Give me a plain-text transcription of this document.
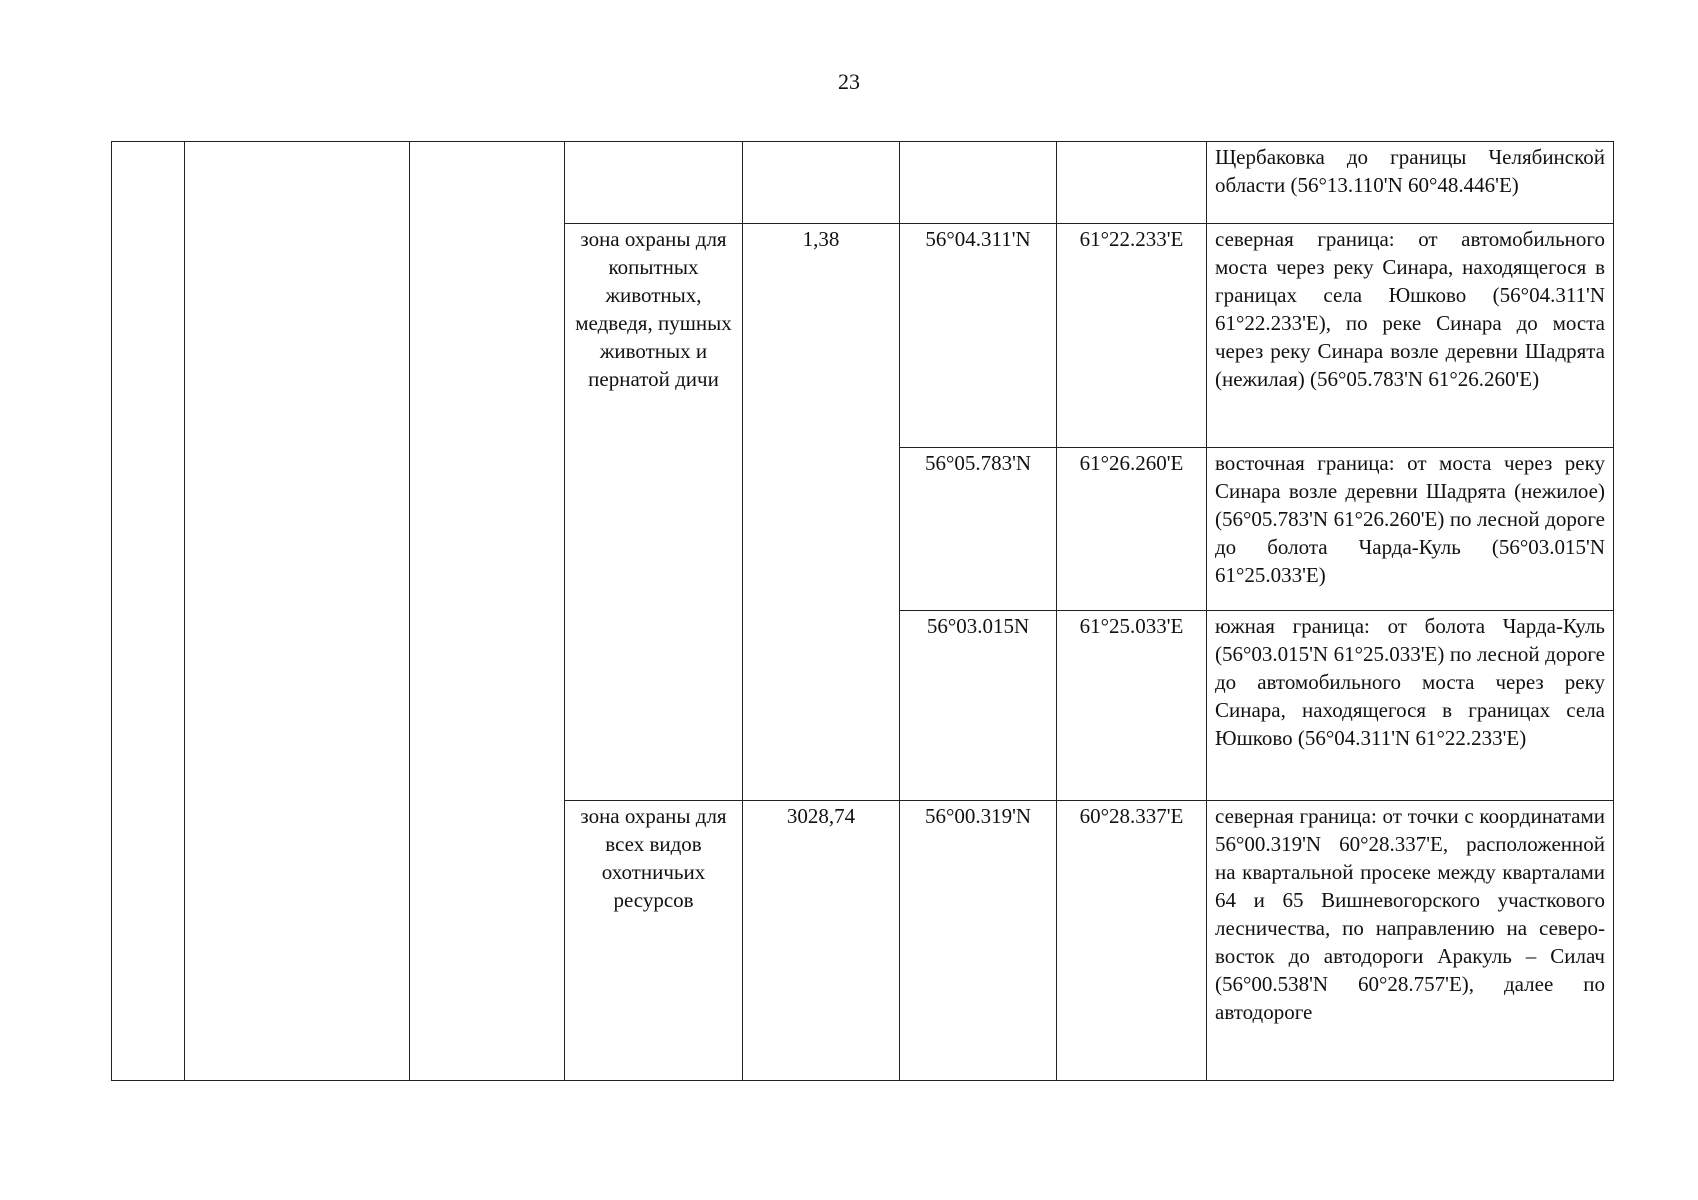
23

							Щербаковка до границы Челябинской области (56°13.110'N 60°48.446'E)

			зона охраны для копытных животных, медведя, пушных животных и пернатой дичи	1,38	56°04.311'N	61°22.233'E	северная граница: от автомобильного моста через реку Синара, находящегося в границах села Юшково (56°04.311'N 61°22.233'E), по реке Синара до моста через реку Синара возле деревни Шадрята (нежилая) (56°05.783'N 61°26.260'E)

					56°05.783'N	61°26.260'E	восточная граница: от моста через реку Синара возле деревни Шадрята (нежилое) (56°05.783'N 61°26.260'E) по лесной дороге до болота Чарда-Куль (56°03.015'N 61°25.033'E)

					56°03.015N	61°25.033'E	южная граница: от болота Чарда-Куль (56°03.015'N 61°25.033'E) по лесной дороге до автомобильного моста через реку Синара, находящегося в границах села Юшково (56°04.311'N 61°22.233'E)

			зона охраны для всех видов охотничьих ресурсов	3028,74	56°00.319'N	60°28.337'E	северная граница: от точки с координатами 56°00.319'N 60°28.337'E, расположенной на квартальной просеке между кварталами 64 и 65 Вишневогорского участкового лесничества, по направлению на северо-восток до автодороги Аракуль – Силач (56°00.538'N 60°28.757'E), далее по автодороге
